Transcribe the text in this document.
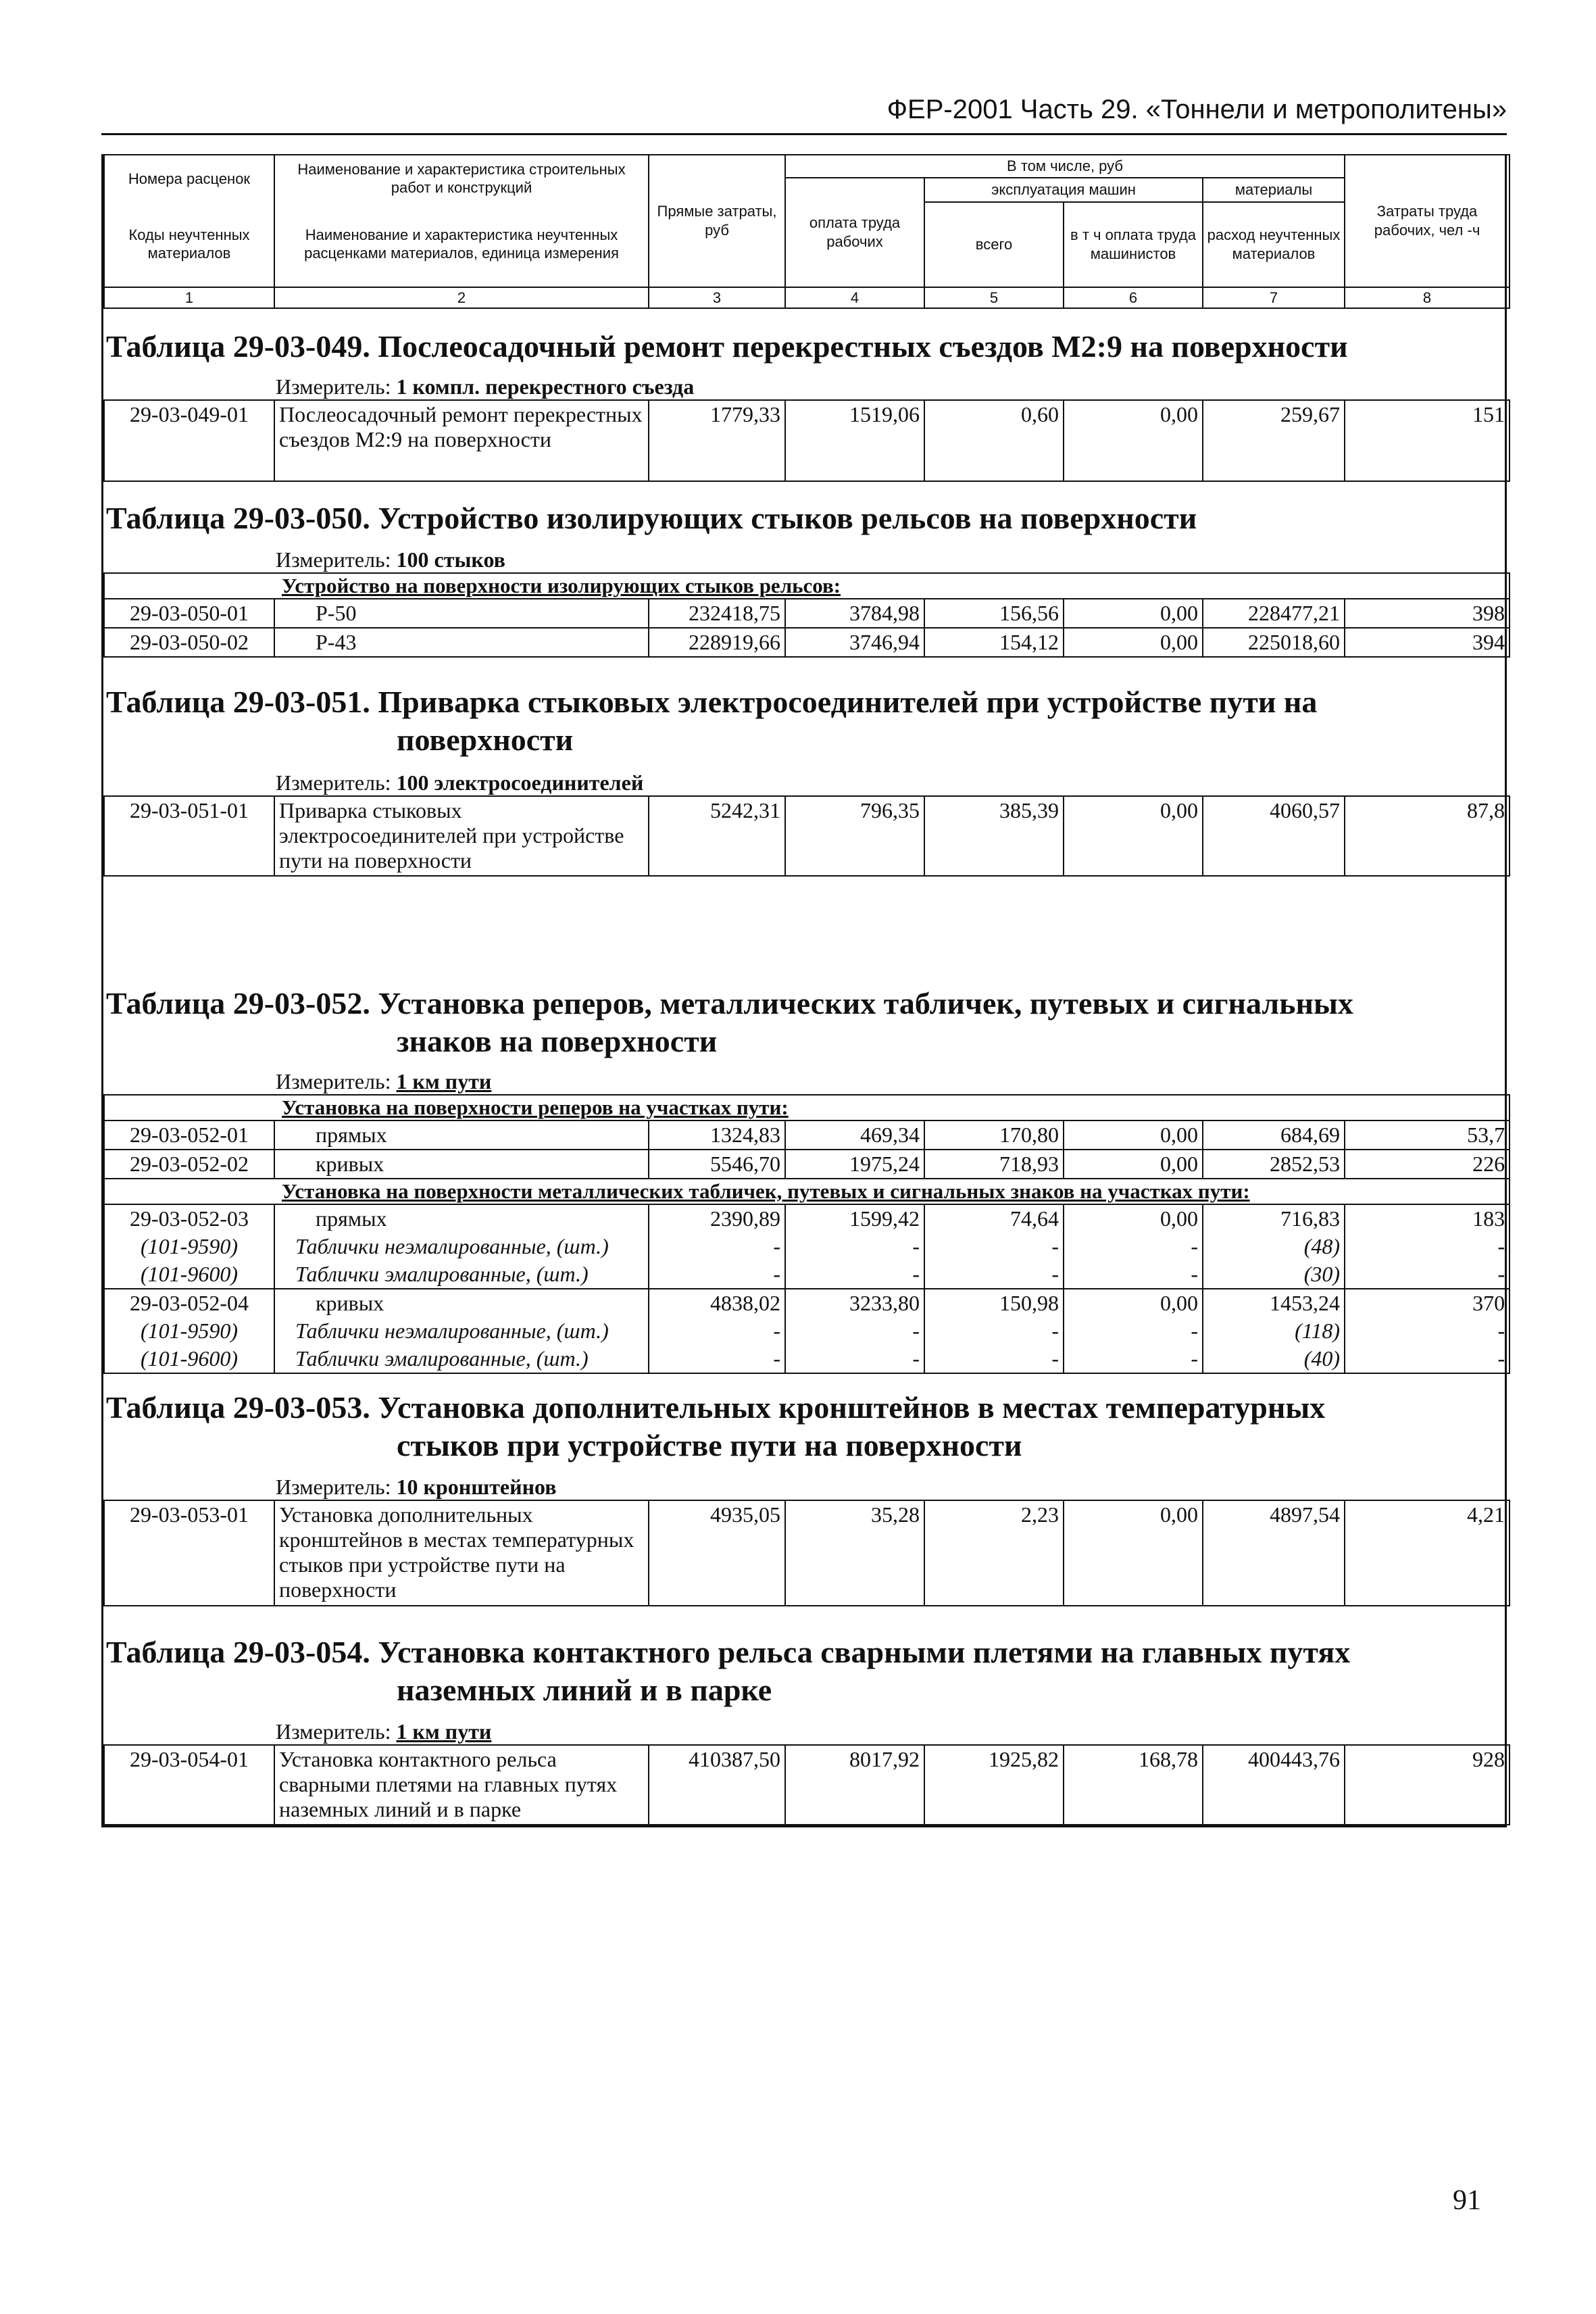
ФЕР-2001 Часть 29. «Тоннели и метрополитены»
Номера расценок	Наименование и характеристика строительных работ и конструкций	Прямые затраты, руб	В том числе, руб				Затраты труда рабочих, чел -ч
			оплата труда рабочих	эксплуатация машин		материалы	
Коды неучтенных материалов	Наименование и характеристика неучтенных расценками материалов, единица измерения			всего	в т ч оплата труда машинистов	расход неучтенных материалов	

1	2	3	4	5	6	7	8
Таблица 29-03-049. Послеосадочный ремонт перекрестных съездов М2:9 на поверхности
Измеритель: 1 компл. перекрестного съезда
29-03-049-01	Послеосадочный ремонт перекрестных съездов М2:9 на поверхности	1779,33	1519,06	0,60	0,00	259,67	151
Таблица 29-03-050. Устройство изолирующих стыков рельсов на поверхности
Измеритель: 100 стыков
Устройство на поверхности изолирующих стыков рельсов:							
29-03-050-01	Р-50	232418,75	3784,98	156,56	0,00	228477,21	398
29-03-050-02	Р-43	228919,66	3746,94	154,12	0,00	225018,60	394
Таблица 29-03-051. Приварка стыковых электросоединителей при устройстве пути на
поверхности
Измеритель: 100 электросоединителей
29-03-051-01	Приварка стыковых электросоединителей при устройстве пути на поверхности	5242,31	796,35	385,39	0,00	4060,57	87,8
Таблица 29-03-052. Установка реперов, металлических табличек, путевых и сигнальных
знаков на поверхности
Измеритель: 1 км пути
Установка на поверхности реперов на участках пути:							
29-03-052-01	прямых	1324,83	469,34	170,80	0,00	684,69	53,7
29-03-052-02	кривых	5546,70	1975,24	718,93	0,00	2852,53	226
Установка на поверхности металлических табличек, путевых и сигнальных знаков на участках пути:							
29-03-052-03	прямых	2390,89	1599,42	74,64	0,00	716,83	183
(101-9590)	Таблички неэмалированные, (шт.)	-	-	-	-	(48)	-
(101-9600)	Таблички эмалированные, (шт.)	-	-	-	-	(30)	-
29-03-052-04	кривых	4838,02	3233,80	150,98	0,00	1453,24	370
(101-9590)	Таблички неэмалированные, (шт.)	-	-	-	-	(118)	-
(101-9600)	Таблички эмалированные, (шт.)	-	-	-	-	(40)	-
Таблица 29-03-053. Установка дополнительных кронштейнов в местах температурных
стыков при устройстве пути на поверхности
Измеритель: 10 кронштейнов
29-03-053-01	Установка дополнительных кронштейнов в местах температурных стыков при устройстве пути на поверхности	4935,05	35,28	2,23	0,00	4897,54	4,21
Таблица 29-03-054. Установка контактного рельса сварными плетями на главных путях
наземных линий и в парке
Измеритель: 1 км пути
29-03-054-01	Установка контактного рельса сварными плетями на главных путях наземных линий и в парке	410387,50	8017,92	1925,82	168,78	400443,76	928
91
